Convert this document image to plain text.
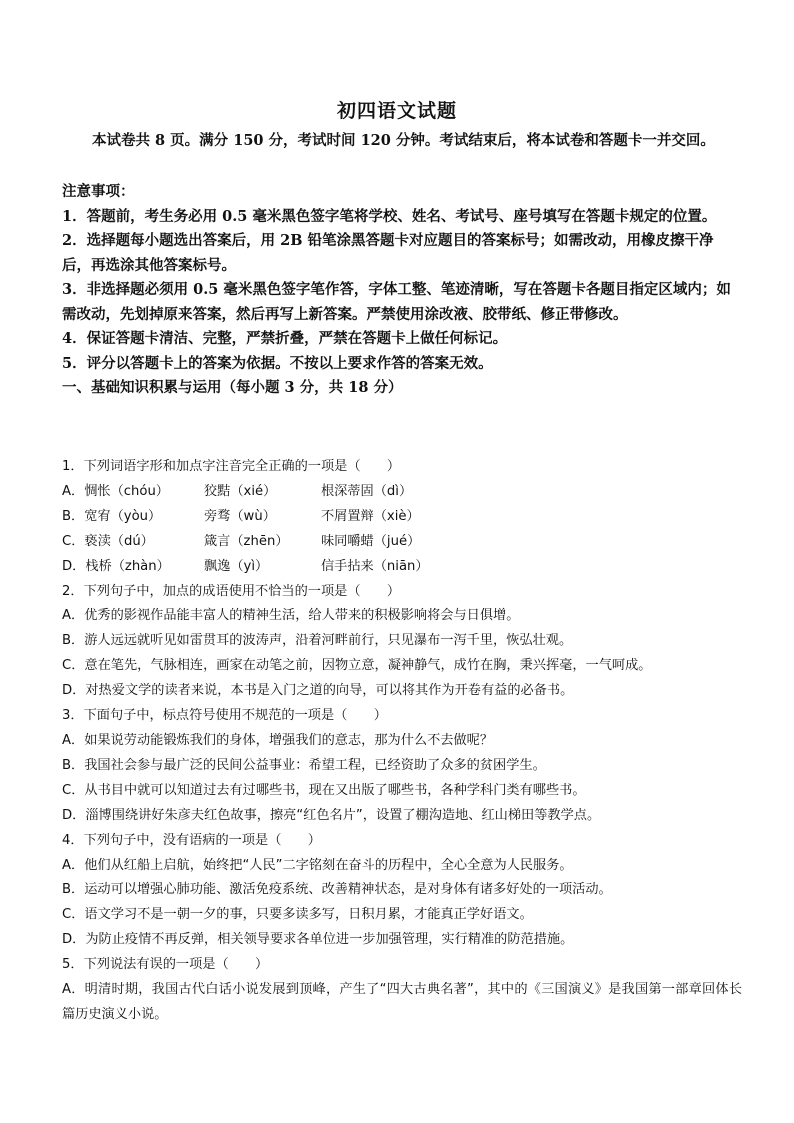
初四语文试题
本试卷共 8 页。满分 150 分，考试时间 120 分钟。考试结束后，将本试卷和答题卡一并交回。

注意事项：

1．答题前，考生务必用 0.5 毫米黑色签字笔将学校、姓名、考试号、座号填写在答题卡规定的位置。

2．选择题每小题选出答案后，用 2B 铅笔涂黑答题卡对应题目的答案标号；如需改动，用橡皮擦干净后，再选涂其他答案标号。

3．非选择题必须用 0.5 毫米黑色签字笔作答，字体工整、笔迹清晰，写在答题卡各题目指定区域内；如需改动，先划掉原来答案，然后再写上新答案。严禁使用涂改液、胶带纸、修正带修改。

4．保证答题卡清洁、完整，严禁折叠，严禁在答题卡上做任何标记。

5．评分以答题卡上的答案为依据。不按以上要求作答的答案无效。

一、基础知识积累与运用（每小题 3 分，共 18 分）

1．下列词语字形和加点字注音完全正确的一项是（　　）

A．惆怅（chóu）	狡黠（xié）	根深蒂固（dì）
B．宽宥（yòu）	旁骛（wù）	不屑置辩（xiè）
C．亵渎（dú）	箴言（zhēn）	味同嚼蜡（jué）
D．栈桥（zhàn）	飘逸（yì）	信手拈来（niān）

2．下列句子中，加点的成语使用不恰当的一项是（　　）

A．优秀的影视作品能丰富人的精神生活，给人带来的积极影响将会与日俱增。

B．游人远远就听见如雷贯耳的波涛声，沿着河畔前行，只见瀑布一泻千里，恢弘壮观。

C．意在笔先，气脉相连，画家在动笔之前，因物立意，凝神静气，成竹在胸，秉兴挥毫，一气呵成。

D．对热爱文学的读者来说，本书是入门之道的向导，可以将其作为开卷有益的必备书。

3．下面句子中，标点符号使用不规范的一项是（　　）

A．如果说劳动能锻炼我们的身体，增强我们的意志，那为什么不去做呢？

B．我国社会参与最广泛的民间公益事业：希望工程，已经资助了众多的贫困学生。

C．从书目中就可以知道过去有过哪些书，现在又出版了哪些书，各种学科门类有哪些书。

D．淄博围绕讲好朱彦夫红色故事，擦亮“红色名片”，设置了棚沟造地、红山梯田等教学点。

4．下列句子中，没有语病的一项是（　　）

A．他们从红船上启航，始终把“人民”二字铭刻在奋斗的历程中，全心全意为人民服务。

B．运动可以增强心肺功能、激活免疫系统、改善精神状态，是对身体有诸多好处的一项活动。

C．语文学习不是一朝一夕的事，只要多读多写，日积月累，才能真正学好语文。

D．为防止疫情不再反弹，相关领导要求各单位进一步加强管理，实行精准的防范措施。

5．下列说法有误的一项是（　　）

A．明清时期，我国古代白话小说发展到顶峰，产生了“四大古典名著”，其中的《三国演义》是我国第一部章回体长篇历史演义小说。
